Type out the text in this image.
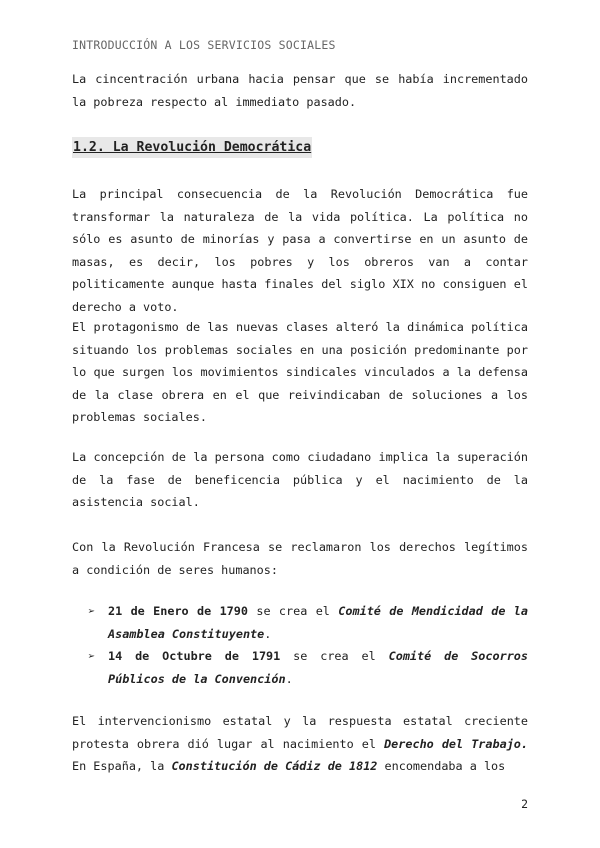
INTRODUCCIÓN A LOS SERVICIOS SOCIALES

La cincentración urbana hacia pensar que se había incrementado la pobreza respecto al immediato pasado.

1.2. La Revolución Democrática

La principal consecuencia de la Revolución Democrática fue transformar la naturaleza de la vida política. La política no sólo es asunto de minorías y pasa a convertirse en un asunto de masas, es decir, los pobres y los obreros van a contar politicamente aunque hasta finales del siglo XIX no consiguen el derecho a voto.

El protagonismo de las nuevas clases alteró la dinámica política situando los problemas sociales en una posición predominante por lo que surgen los movimientos sindicales vinculados a la defensa de la clase obrera en el que reivindicaban de soluciones a los problemas sociales.

La concepción de la persona como ciudadano implica la superación de la fase de beneficencia pública y el nacimiento de la asistencia social.

Con la Revolución Francesa se reclamaron los derechos legítimos a condición de seres humanos:

➢ 21 de Enero de 1790 se crea el Comité de Mendicidad de la Asamblea Constituyente.
➢ 14 de Octubre de 1791 se crea el Comité de Socorros Públicos de la Convención.

El intervencionismo estatal y la respuesta estatal creciente protesta obrera dió lugar al nacimiento el Derecho del Trabajo. En España, la Constitución de Cádiz de 1812 encomendaba a los

2
